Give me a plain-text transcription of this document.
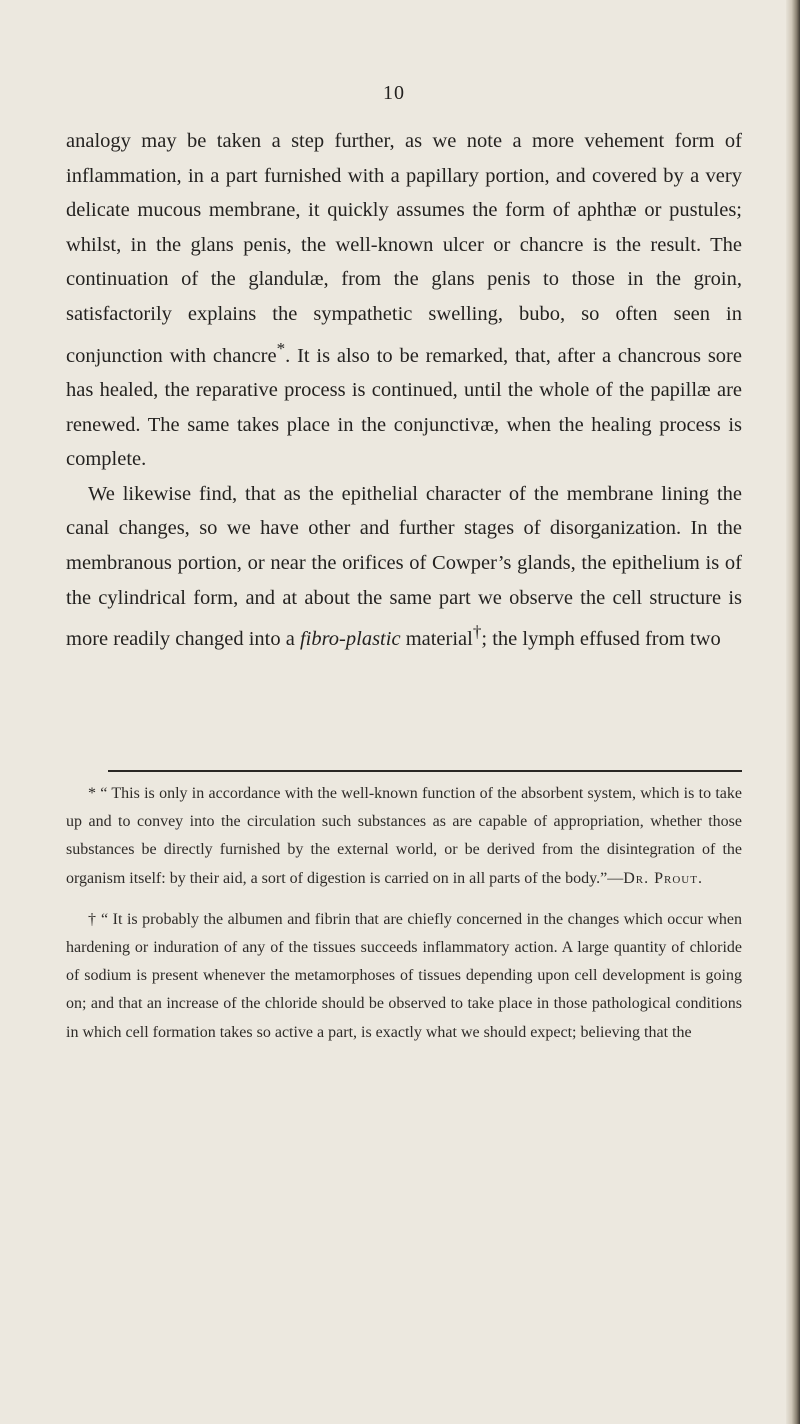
10

analogy may be taken a step further, as we note a more vehement form of inflammation, in a part furnished with a papillary portion, and covered by a very delicate mucous membrane, it quickly assumes the form of aphthæ or pustules; whilst, in the glans penis, the well-known ulcer or chancre is the result. The continuation of the glandulæ, from the glans penis to those in the groin, satisfactorily explains the sympathetic swelling, bubo, so often seen in conjunction with chancre*. It is also to be remarked, that, after a chancrous sore has healed, the reparative process is continued, until the whole of the papillæ are renewed. The same takes place in the conjunctivæ, when the healing process is complete.

We likewise find, that as the epithelial character of the membrane lining the canal changes, so we have other and further stages of disorganization. In the membranous portion, or near the orifices of Cowper’s glands, the epithelium is of the cylindrical form, and at about the same part we observe the cell structure is more readily changed into a fibro-plastic material†; the lymph effused from two

* “ This is only in accordance with the well-known function of the absorbent system, which is to take up and to convey into the circulation such substances as are capable of appropriation, whether those substances be directly furnished by the external world, or be derived from the disintegration of the organism itself: by their aid, a sort of digestion is carried on in all parts of the body.”—Dr. Prout.

† “ It is probably the albumen and fibrin that are chiefly concerned in the changes which occur when hardening or induration of any of the tissues succeeds inflammatory action. A large quantity of chloride of sodium is present whenever the metamorphoses of tissues depending upon cell development is going on; and that an increase of the chloride should be observed to take place in those pathological conditions in which cell formation takes so active a part, is exactly what we should expect; believing that the
